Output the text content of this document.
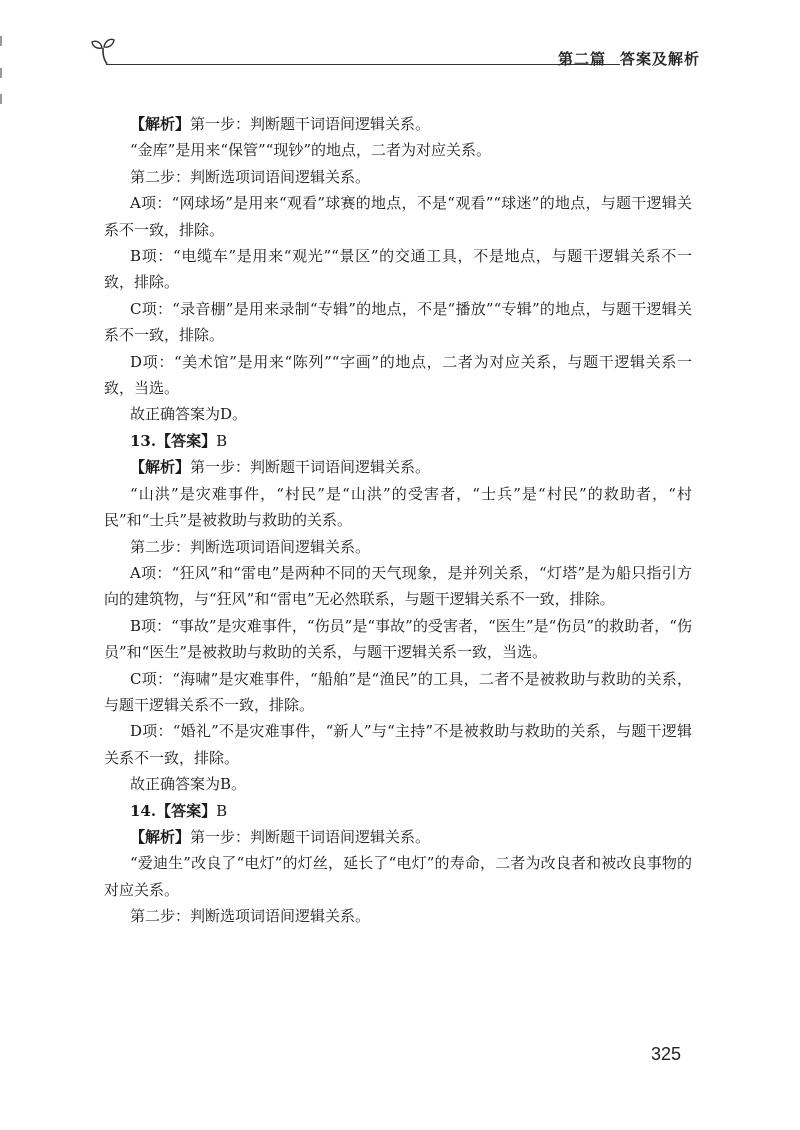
第二篇 答案及解析

【解析】第一步：判断题干词语间逻辑关系。

“金库”是用来“保管”“现钞”的地点，二者为对应关系。

第二步：判断选项词语间逻辑关系。

A项：“网球场”是用来“观看”球赛的地点，不是“观看”“球迷”的地点，与题干逻辑关系不一致，排除。

B项：“电缆车”是用来“观光”“景区”的交通工具，不是地点，与题干逻辑关系不一致，排除。

C项：“录音棚”是用来录制“专辑”的地点，不是“播放”“专辑”的地点，与题干逻辑关系不一致，排除。

D项：“美术馆”是用来“陈列”“字画”的地点，二者为对应关系，与题干逻辑关系一致，当选。

故正确答案为D。

13.【答案】B

【解析】第一步：判断题干词语间逻辑关系。

“山洪”是灾难事件，“村民”是“山洪”的受害者，“士兵”是“村民”的救助者，“村民”和“士兵”是被救助与救助的关系。

第二步：判断选项词语间逻辑关系。

A项：“狂风”和“雷电”是两种不同的天气现象，是并列关系，“灯塔”是为船只指引方向的建筑物，与“狂风”和“雷电”无必然联系，与题干逻辑关系不一致，排除。

B项：“事故”是灾难事件，“伤员”是“事故”的受害者，“医生”是“伤员”的救助者，“伤员”和“医生”是被救助与救助的关系，与题干逻辑关系一致，当选。

C项：“海啸”是灾难事件，“船舶”是“渔民”的工具，二者不是被救助与救助的关系，与题干逻辑关系不一致，排除。

D项：“婚礼”不是灾难事件，“新人”与“主持”不是被救助与救助的关系，与题干逻辑关系不一致，排除。

故正确答案为B。

14.【答案】B

【解析】第一步：判断题干词语间逻辑关系。

“爱迪生”改良了“电灯”的灯丝，延长了“电灯”的寿命，二者为改良者和被改良事物的对应关系。

第二步：判断选项词语间逻辑关系。

325
